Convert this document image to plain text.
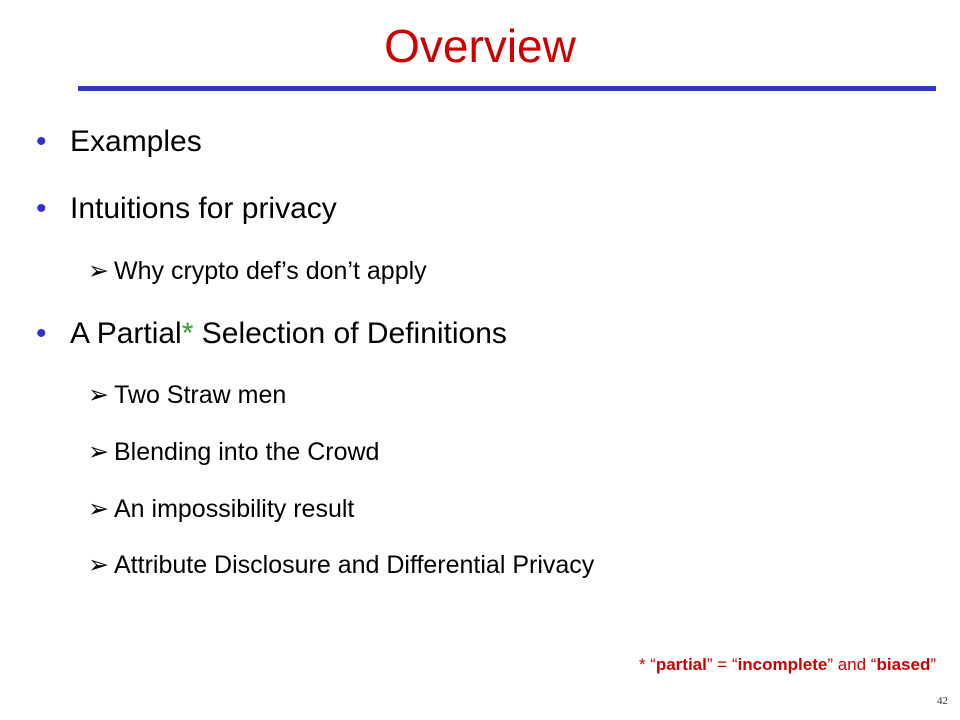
Overview
• Examples
• Intuitions for privacy
➢ Why crypto def’s don’t apply
• A Partial* Selection of Definitions
➢ Two Straw men
➢ Blending into the Crowd
➢ An impossibility result
➢ Attribute Disclosure and Differential Privacy
* “partial” = “incomplete” and “biased”
42
